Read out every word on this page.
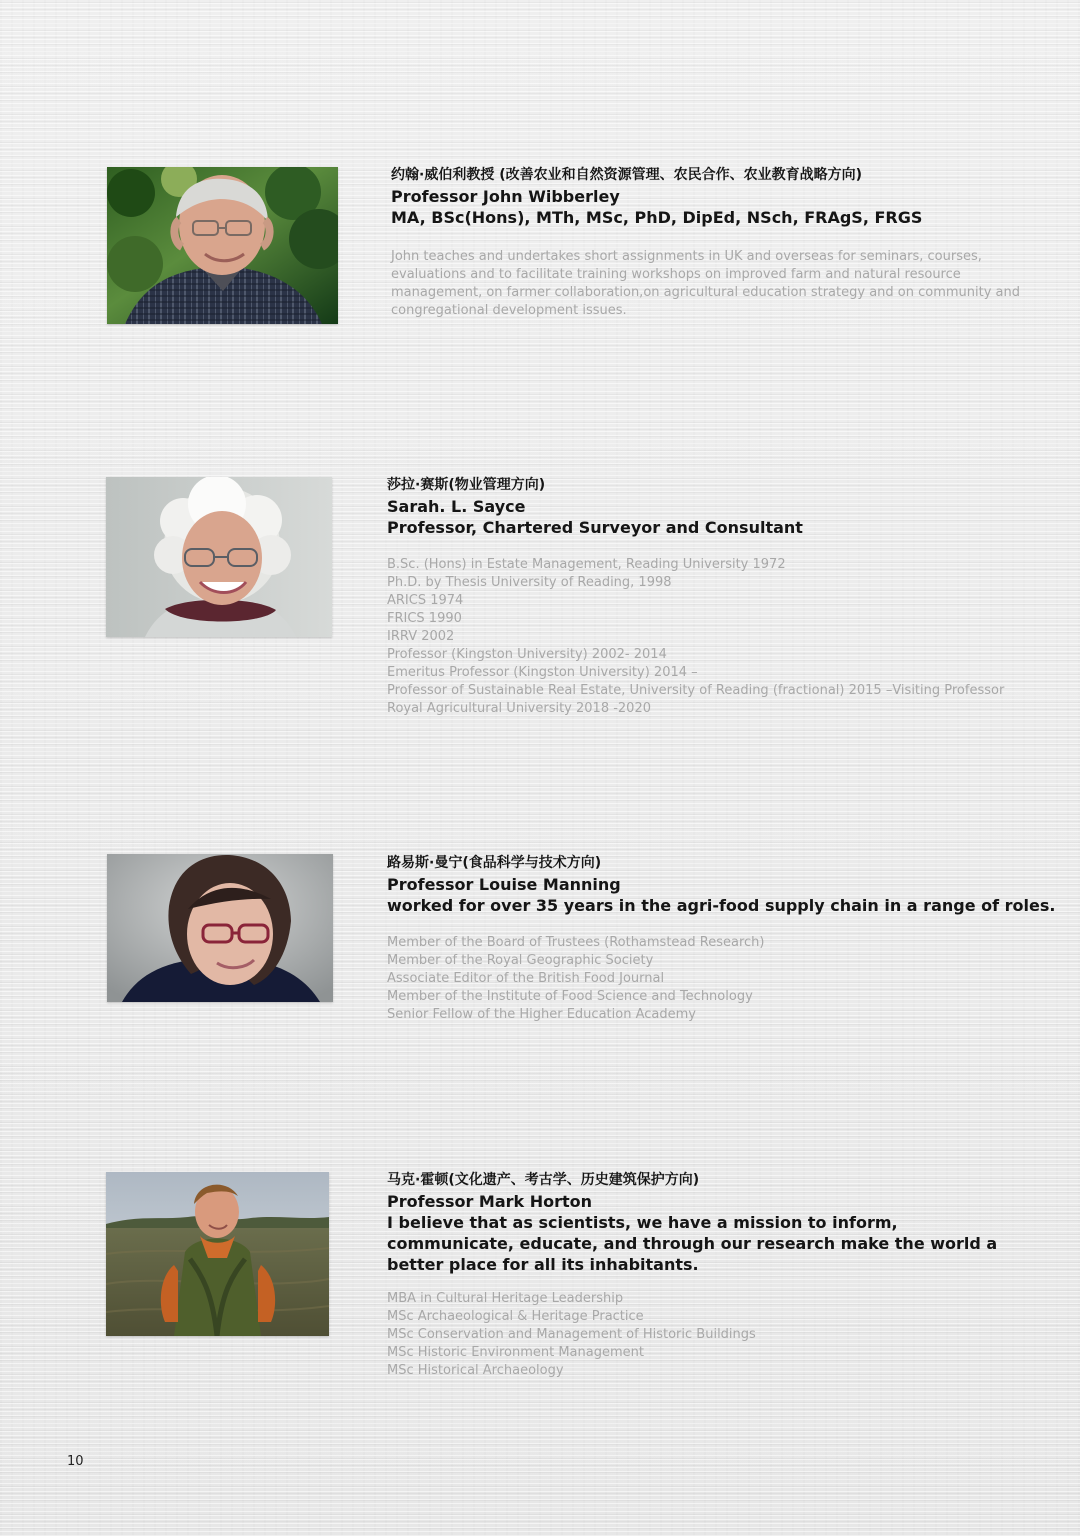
约翰·威伯利教授 (改善农业和自然资源管理、农民合作、农业教育战略方向)
Professor John Wibberley
MA, BSc(Hons), MTh, MSc, PhD, DipEd, NSch, FRAgS, FRGS
John teaches and undertakes short assignments in UK and overseas for seminars, courses, evaluations and to facilitate training workshops on improved farm and natural resource management, on farmer collaboration,on agricultural education strategy and on community and congregational development issues.
莎拉·赛斯(物业管理方向)
Sarah. L. Sayce
Professor, Chartered Surveyor and Consultant
B.Sc. (Hons) in Estate Management, Reading University 1972
Ph.D. by Thesis University of Reading, 1998
ARICS 1974
FRICS 1990
IRRV 2002
Professor (Kingston University) 2002- 2014
Emeritus Professor (Kingston University) 2014 –
Professor of Sustainable Real Estate, University of Reading (fractional) 2015 –Visiting Professor
Royal Agricultural University 2018 -2020
路易斯·曼宁(食品科学与技术方向)
Professor Louise Manning
worked for over 35 years in the agri-food supply chain in a range of roles.
Member of the Board of Trustees (Rothamstead Research)
Member of the Royal Geographic Society
Associate Editor of the British Food Journal
Member of the Institute of Food Science and Technology
Senior Fellow of the Higher Education Academy
马克·霍顿(文化遗产、考古学、历史建筑保护方向)
Professor Mark Horton
I believe that as scientists, we have a mission to inform, communicate, educate, and through our research make the world a better place for all its inhabitants.
MBA in Cultural Heritage Leadership
MSc Archaeological & Heritage Practice
MSc Conservation and Management of Historic Buildings
MSc Historic Environment Management
MSc Historical Archaeology
10
